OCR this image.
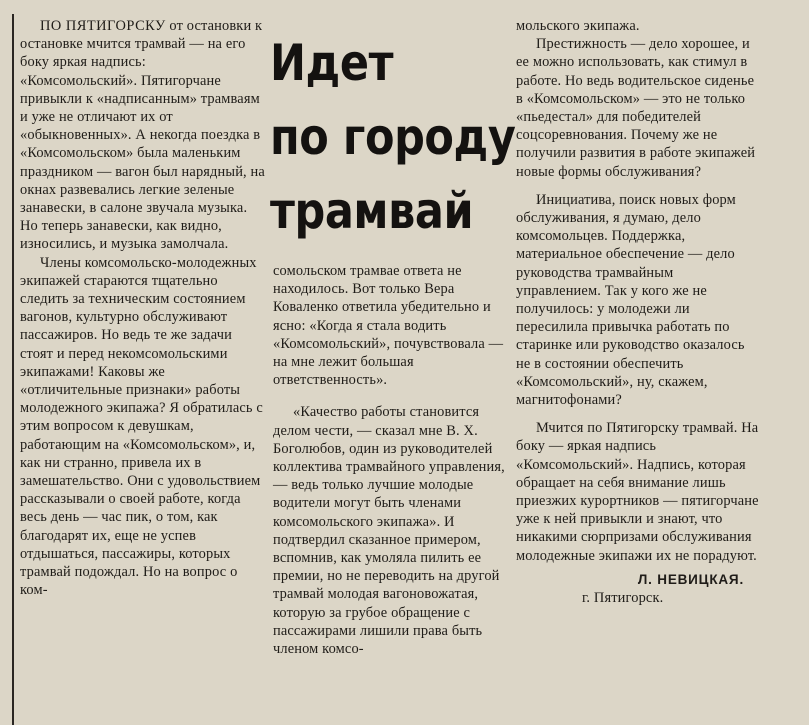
ПО ПЯТИГОРСКУ от остановки к остановке мчится трамвай — на его боку яркая надпись: «Комсомольский». Пятигорчане привыкли к «надписанным» трамваям и уже не отличают их от «обыкновенных». А некогда поездка в «Комсомольском» была маленьким праздником — вагон был нарядный, на окнах развевались легкие зеленые занавески, в салоне звучала музыка. Но теперь занавески, как видно, износились, и музыка замолчала.

Члены комсомольско-молодежных экипажей стараются тщательно следить за техническим состоянием вагонов, культурно обслуживают пассажиров. Но ведь те же задачи стоят и перед некомсомольскими экипажами! Каковы же «отличительные признаки» работы молодежного экипажа? Я обратилась с этим вопросом к девушкам, работающим на «Комсомольском», и, как ни странно, привела их в замешательство. Они с удовольствием рассказывали о своей работе, когда весь день — час пик, о том, как благодарят их, еще не успев отдышаться, пассажиры, которых трамвай подождал. Но на вопрос о ком-

Идет
по городу
трамвай

сомольском трамвае ответа не находилось. Вот только Вера Коваленко ответила убедительно и ясно: «Когда я стала водить «Комсомольский», почувствовала — на мне лежит большая ответственность».

«Качество работы становится делом чести, — сказал мне В. Х. Боголюбов, один из руководителей коллектива трамвайного управления, — ведь только лучшие молодые водители могут быть членами комсомольского экипажа». И подтвердил сказанное примером, вспомнив, как умоляла пилить ее премии, но не переводить на другой трамвай молодая вагоновожатая, которую за грубое обращение с пассажирами лишили права быть членом комсо-

мольского экипажа.

Престижность — дело хорошее, и ее можно использовать, как стимул в работе. Но ведь водительское сиденье в «Комсомольском» — это не только «пьедестал» для победителей соцсоревнования. Почему же не получили развития в работе экипажей новые формы обслуживания?

Инициатива, поиск новых форм обслуживания, я думаю, дело комсомольцев. Поддержка, материальное обеспечение — дело руководства трамвайным управлением. Так у кого же не получилось: у молодежи ли пересилила привычка работать по старинке или руководство оказалось не в состоянии обеспечить «Комсомольский», ну, скажем, магнитофонами?

Мчится по Пятигорску трамвай. На боку — яркая надпись «Комсомольский». Надпись, которая обращает на себя внимание лишь приезжих курортников — пятигорчане уже к ней привыкли и знают, что никакими сюрпризами обслуживания молодежные экипажи их не порадуют.

Л. НЕВИЦКАЯ.

г. Пятигорск.
